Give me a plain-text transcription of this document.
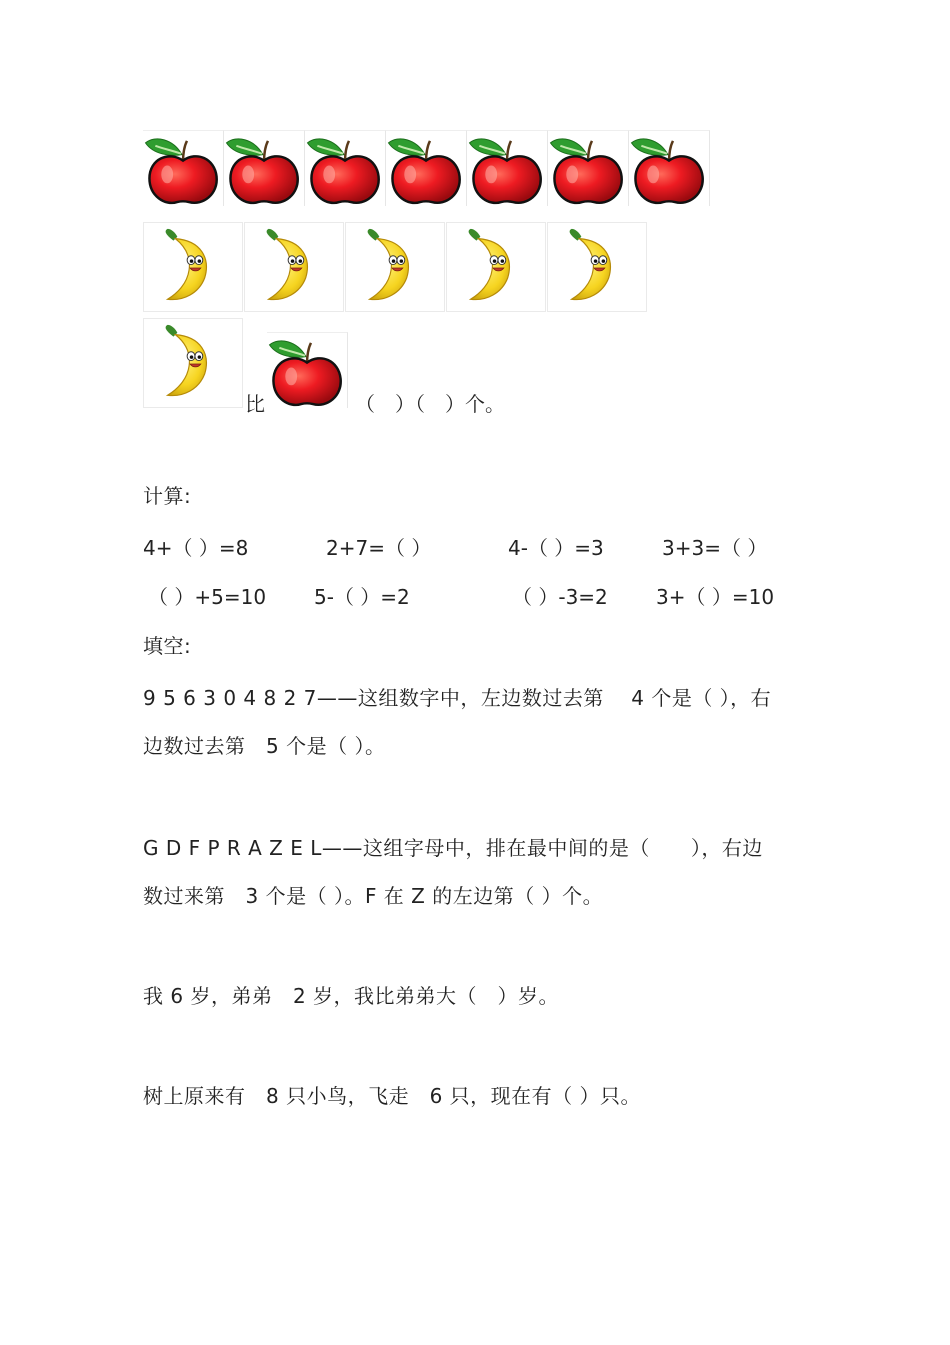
比	（　）（　）个。
计算:
4+（ ）=8	2+7=（ ）	4-（ ）=3	3+3=（ ）
（ ）+5=10 5-（ ）=2	（ ）-3=2 3+（ ）=10
填空:
9 5 6 3 0 4 8 2 7——这组数字中，左边数过去第　 4 个是（ ），右
边数过去第　5 个是（ ）。
G D F P R A Z E L——这组字母中，排在最中间的是（　　），右边
数过来第　3 个是（ ）。F 在 Z 的左边第（ ）个。
我 6 岁，弟弟　2 岁，我比弟弟大（　）岁。
树上原来有　8 只小鸟，飞走　6 只，现在有（ ）只。
